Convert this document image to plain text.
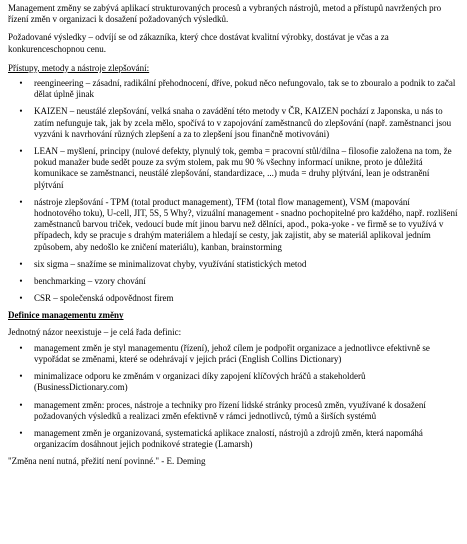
Management změny se zabývá aplikací strukturovaných procesů a vybraných nástrojů, metod a přístupů navržených pro řízení změn v organizaci k dosažení požadovaných výsledků.

Požadované výsledky – odvíjí se od zákazníka, který chce dostávat kvalitní výrobky, dostávat je včas a za konkurenceschopnou cenu.

Přístupy, metody a nástroje zlepšování:

• reengineering – zásadní, radikální přehodnocení, dříve, pokud něco nefungovalo, tak se to zbouralo a podnik to začal dělat úplně jinak
• KAIZEN – neustálé zlepšování, velká snaha o zavádění této metody v ČR, KAIZEN pochází z Japonska, u nás to zatím nefunguje tak, jak by zcela mělo, spočívá to v zapojování zaměstnanců do zlepšování (např. zaměstnanci jsou vyzváni k navrhování různých zlepšení a za to zlepšení jsou finančně motivováni)
• LEAN – myšlení, principy (nulové defekty, plynulý tok, gemba = pracovní stůl/dílna – filosofie založena na tom, že pokud manažer bude sedět pouze za svým stolem, pak mu 90 % všechny informací unikne, proto je důležitá komunikace se zaměstnanci, neustálé zlepšování, standardizace, ...) muda = druhy plýtvání, lean je odstranění plýtvání
• nástroje zlepšování - TPM (total product management), TFM (total flow management), VSM (mapování hodnotového toku), U-cell, JIT, 5S, 5 Why?, vizuální management - snadno pochopitelné pro každého, např. rozlišení zaměstnanců barvou triček, vedoucí bude mít jinou barvu než dělníci, apod., poka-yoke - ve firmě se to využívá v případech, kdy se pracuje s drahým materiálem a hledají se cesty, jak zajistit, aby se materiál aplikoval jedním způsobem, aby nedošlo ke zničení materiálu), kanban, brainstorming
• six sigma – snažíme se minimalizovat chyby, využívání statistických metod
• benchmarking – vzory chování
• CSR – společenská odpovědnost firem

Definice managementu změny

Jednotný názor neexistuje – je celá řada definic:

• management změn je styl managementu (řízení), jehož cílem je podpořit organizace a jednotlivce efektivně se vypořádat se změnami, které se odehrávají v jejich práci (English Collins Dictionary)
• minimalizace odporu ke změnám v organizaci díky zapojení klíčových hráčů a stakeholderů (BusinessDictionary.com)
• management změn: proces, nástroje a techniky pro řízení lidské stránky procesů změn, využívané k dosažení požadovaných výsledků a realizaci změn efektivně v rámci jednotlivců, týmů a širších systémů
• management změn je organizovaná, systematická aplikace znalostí, nástrojů a zdrojů změn, která napomáhá organizacím dosáhnout jejich podnikové strategie (Lamarsh)

"Změna není nutná, přežití není povinné." - E. Deming
